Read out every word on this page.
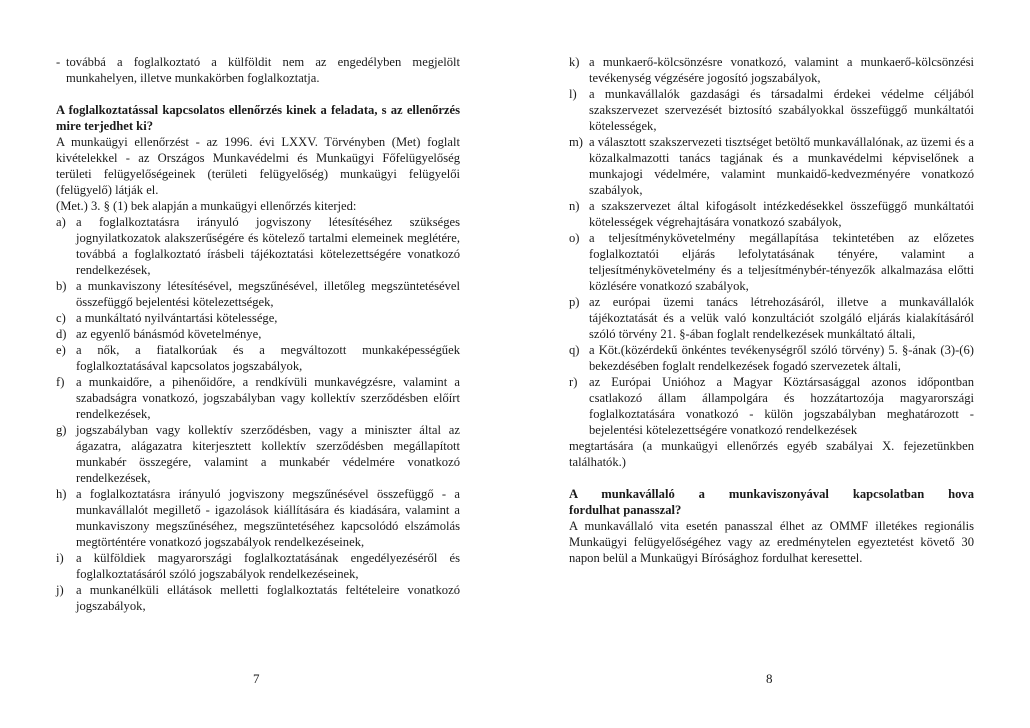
- továbbá a foglalkoztató a külföldit nem az engedélyben megjelölt munkahelyen, illetve munkakörben foglalkoztatja.
A foglalkoztatással kapcsolatos ellenőrzés kinek a feladata, s az ellenőrzés mire terjedhet ki?
A munkaügyi ellenőrzést - az 1996. évi LXXV. Törvényben (Met) foglalt kivételekkel - az Országos Munkavédelmi és Munkaügyi Főfelügyelőség területi felügyelőségeinek (területi felügyelőség) munkaügyi felügyelői (felügyelő) látják el.
(Met.) 3. § (1) bek alapján a munkaügyi ellenőrzés kiterjed:
a) a foglalkoztatásra irányuló jogviszony létesítéséhez szükséges jognyilatkozatok alakszerűségére és kötelező tartalmi elemeinek meglétére, továbbá a foglalkoztató írásbeli tájékoztatási kötelezettségére vonatkozó rendelkezések,
b) a munkaviszony létesítésével, megszűnésével, illetőleg megszüntetésével összefüggő bejelentési kötelezettségek,
c) a munkáltató nyilvántartási kötelessége,
d) az egyenlő bánásmód követelménye,
e) a nők, a fiatalkorúak és a megváltozott munkaképességűek foglalkoztatásával kapcsolatos jogszabályok,
f) a munkaidőre, a pihenőidőre, a rendkívüli munkavégzésre, valamint a szabadságra vonatkozó, jogszabályban vagy kollektív szerződésben előírt rendelkezések,
g) jogszabályban vagy kollektív szerződésben, vagy a miniszter által az ágazatra, alágazatra kiterjesztett kollektív szerződésben megállapított munkabér összegére, valamint a munkabér védelmére vonatkozó rendelkezések,
h) a foglalkoztatásra irányuló jogviszony megszűnésével összefüggő - a munkavállalót megillető - igazolások kiállítására és kiadására, valamint a munkaviszony megszűnéséhez, megszüntetéséhez kapcsolódó elszámolás megtörténtére vonatkozó jogszabályok rendelkezéseinek,
i) a külföldiek magyarországi foglalkoztatásának engedélyezéséről és foglalkoztatásáról szóló jogszabályok rendelkezéseinek,
j) a munkanélküli ellátások melletti foglalkoztatás feltételeire vonatkozó jogszabályok,
7
k) a munkaerő-kölcsönzésre vonatkozó, valamint a munkaerő-kölcsönzési tevékenység végzésére jogosító jogszabályok,
l) a munkavállalók gazdasági és társadalmi érdekei védelme céljából szakszervezet szervezését biztosító szabályokkal összefüggő munkáltatói kötelességek,
m) a választott szakszervezeti tisztséget betöltő munkavállalónak, az üzemi és a közalkalmazotti tanács tagjának és a munkavédelmi képviselőnek a munkajogi védelmére, valamint munkaidő-kedvezményére vonatkozó szabályok,
n) a szakszervezet által kifogásolt intézkedésekkel összefüggő munkáltatói kötelességek végrehajtására vonatkozó szabályok,
o) a teljesítménykövetelmény megállapítása tekintetében az előzetes foglalkoztatói eljárás lefolytatásának tényére, valamint a teljesítménykövetelmény és a teljesítménybér-tényezők alkalmazása előtti közlésére vonatkozó szabályok,
p) az európai üzemi tanács létrehozásáról, illetve a munkavállalók tájékoztatását és a velük való konzultációt szolgáló eljárás kialakításáról szóló törvény 21. §-ában foglalt rendelkezések munkáltató általi,
q) a Köt.(közérdekű önkéntes tevékenységről szóló törvény) 5. §-ának (3)-(6) bekezdésében foglalt rendelkezések fogadó szervezetek általi,
r) az Európai Unióhoz a Magyar Köztársasággal azonos időpontban csatlakozó állam állampolgára és hozzátartozója magyarországi foglalkoztatására vonatkozó - külön jogszabályban meghatározott - bejelentési kötelezettségére vonatkozó rendelkezések
megtartására (a munkaügyi ellenőrzés egyéb szabályai X. fejezetünkben találhatók.)
A munkavállaló a munkaviszonyával kapcsolatban hova
fordulhat panasszal?
A munkavállaló vita esetén panasszal élhet az OMMF illetékes regionális Munkaügyi felügyelőségéhez vagy az eredménytelen egyeztetést követő 30 napon belül a Munkaügyi Bírósághoz fordulhat keresettel.
8
